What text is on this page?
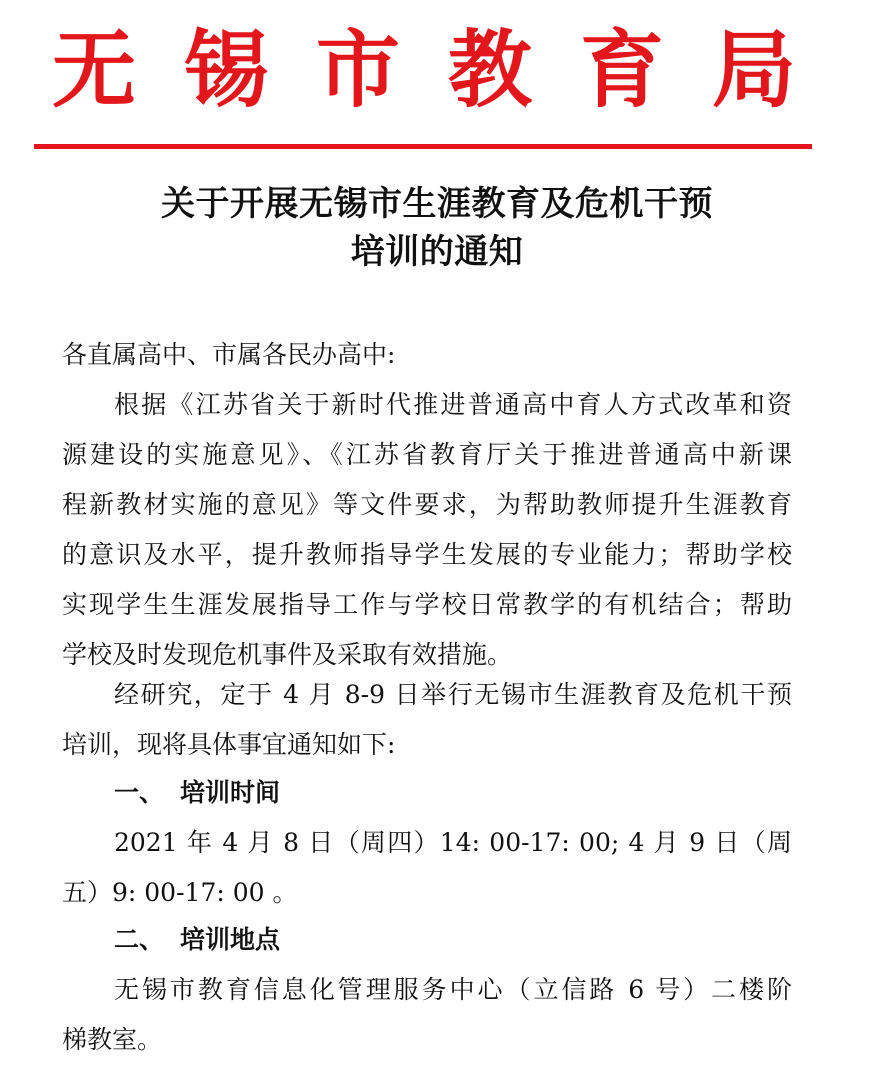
无 锡 市 教 育 局
关于开展无锡市生涯教育及危机干预
培训的通知
各直属高中、市属各民办高中:
根据《江苏省关于新时代推进普通高中育人方式改革和资
源建设的实施意见》、《江苏省教育厅关于推进普通高中新课
程新教材实施的意见》等文件要求，为帮助教师提升生涯教育
的意识及水平，提升教师指导学生发展的专业能力；帮助学校
实现学生生涯发展指导工作与学校日常教学的有机结合；帮助
学校及时发现危机事件及采取有效措施。
经研究，定于 4 月 8-9 日举行无锡市生涯教育及危机干预
培训，现将具体事宜通知如下:
一、 培训时间
2021 年 4 月 8 日（周四）14: 00-17: 00; 4 月 9 日（周
五）9: 00-17: 00 。
二、 培训地点
无锡市教育信息化管理服务中心（立信路 6 号）二楼阶
梯教室。
